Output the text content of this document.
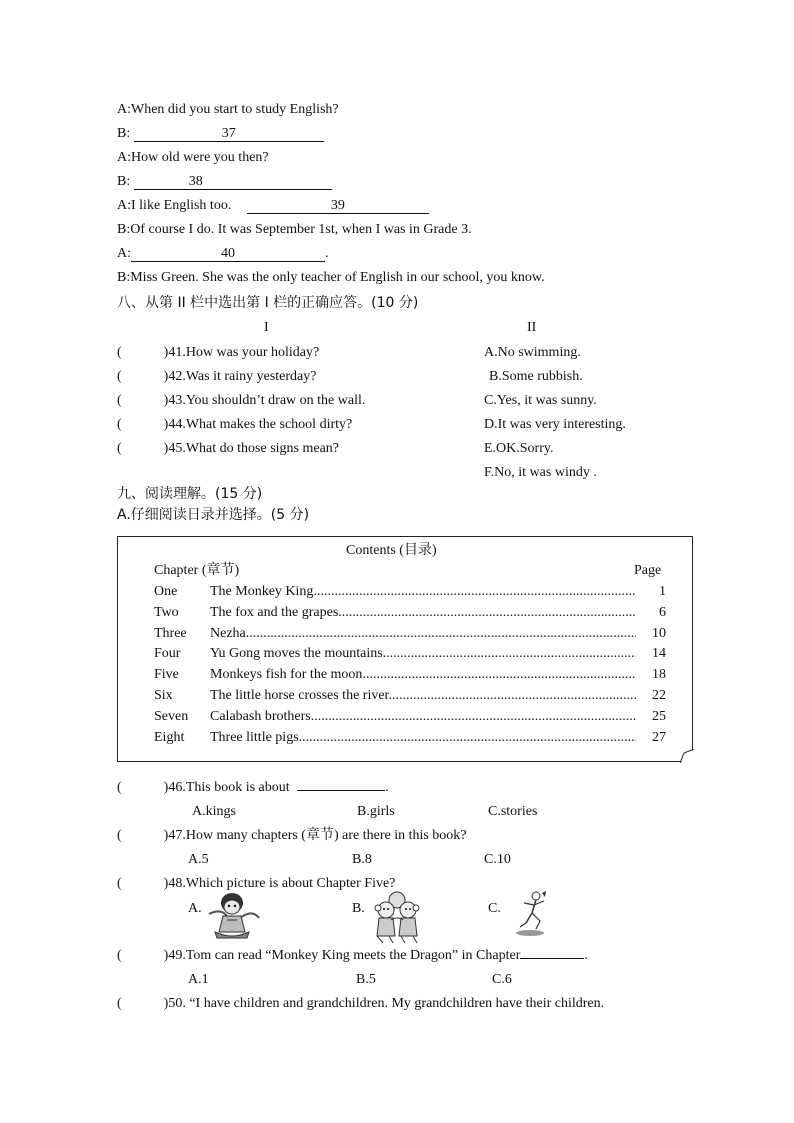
A:When did you start to study English?
B:	37
A:How old were you then?
B:	38
A:I like English too.	39
B:Of course I do. It was September 1st, when I was in Grade 3.
A:	40	.
B:Miss Green. She was the only teacher of English in our school, you know.
八、从第 II 栏中选出第 I 栏的正确应答。(10 分)
I	II
(	)41.How was your holiday?
(	)42.Was it rainy yesterday?
(	)43.You shouldn’t draw on the wall.
(	)44.What makes the school dirty?
(	)45.What do those signs mean?
A.No swimming.
B.Some rubbish.
C.Yes, it was sunny.
D.It was very interesting.
E.OK.Sorry.
F.No, it was windy .
九、阅读理解。(15 分)
A.仔细阅读日录并选择。(5 分)
Contents (目录)
Chapter (章节)	Page
One The Monkey King .....	1
Two The fox and the grapes .....	6
Three Nezha .....	10
Four Yu Gong moves the mountains .....	14
Five Monkeys fish for the moon .....	18
Six	The little horse crosses the river .....	22
Seven Calabash brothers .....	25
Eight Three little pigs .....	27
(	)46.This book is about	.
A.kings	B.girls	C.stories
(	)47.How many chapters (章节) are there in this book?
A.5	B.8	C.10
(	)48.Which picture is about Chapter Five?
A.	B.	C.
(	)49.Tom can read “Monkey King meets the Dragon” in Chapter	.
A.1	B.5	C.6
(	)50. “I have children and grandchildren. My grandchildren have their children.
